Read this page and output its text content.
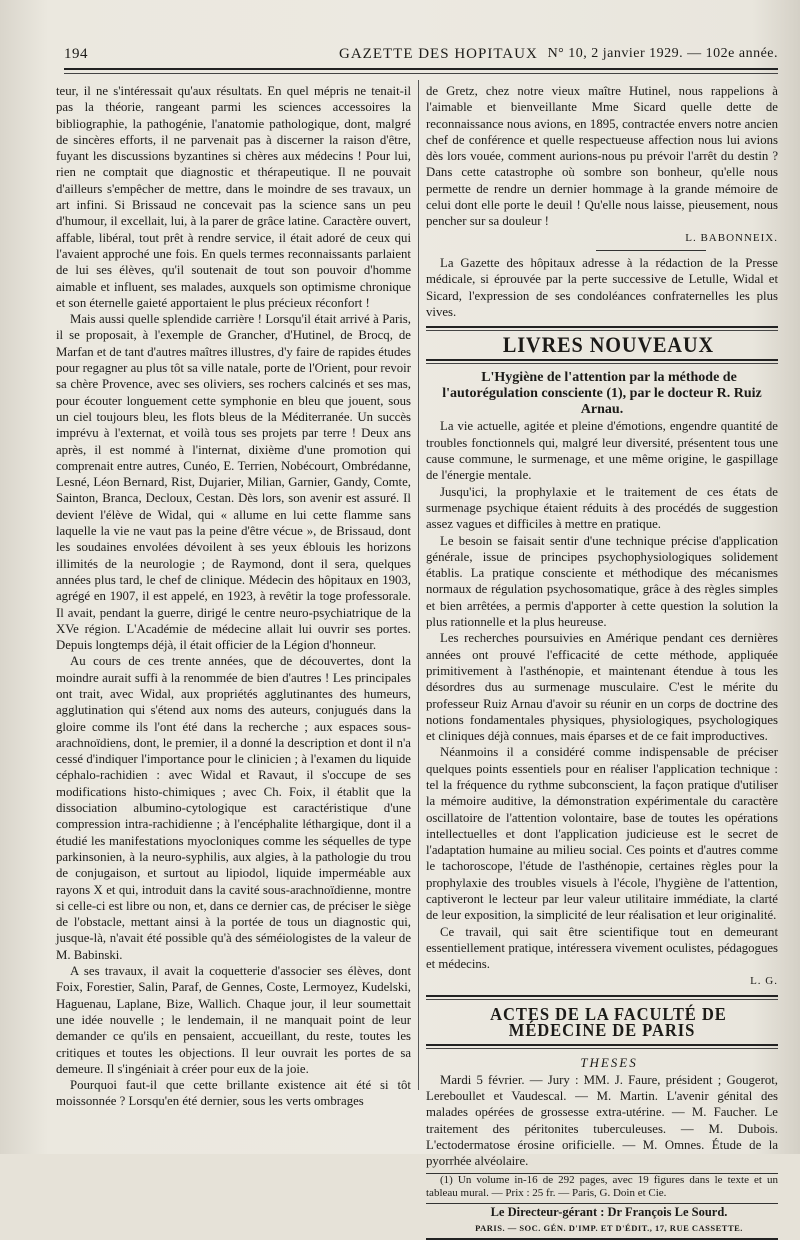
194	GAZETTE DES HOPITAUX N° 10, 2 janvier 1929. — 102e année.

teur, il ne s'intéressait qu'aux résultats. En quel mépris ne tenait-il pas la théorie, rangeant parmi les sciences accessoires la bibliographie, la pathogénie, l'anatomie pathologique, dont, malgré de sincères efforts, il ne parvenait pas à discerner la raison d'être, fuyant les discussions byzantines si chères aux médecins ! Pour lui, rien ne comptait que diagnostic et thérapeutique. Il ne pouvait d'ailleurs s'empêcher de mettre, dans le moindre de ses travaux, un art infini. Si Brissaud ne concevait pas la science sans un peu d'humour, il excellait, lui, à la parer de grâce latine. Caractère ouvert, affable, libéral, tout prêt à rendre service, il était adoré de ceux qui l'avaient approché une fois. En quels termes reconnaissants parlaient de lui ses élèves, qu'il soutenait de tout son pouvoir d'homme aimable et influent, ses malades, auxquels son optimisme chronique et son éternelle gaieté apportaient le plus précieux réconfort !

Mais aussi quelle splendide carrière ! Lorsqu'il était arrivé à Paris, il se proposait, à l'exemple de Grancher, d'Hutinel, de Brocq, de Marfan et de tant d'autres maîtres illustres, d'y faire de rapides études pour regagner au plus tôt sa ville natale, porte de l'Orient, pour revoir sa chère Provence, avec ses oliviers, ses rochers calcinés et ses mas, pour écouter longuement cette symphonie en bleu que jouent, sous un ciel toujours bleu, les flots bleus de la Méditerranée. Un succès imprévu à l'externat, et voilà tous ses projets par terre ! Deux ans après, il est nommé à l'internat, dixième d'une promotion qui comprenait entre autres, Cunéo, E. Terrien, Nobécourt, Ombrédanne, Lesné, Léon Bernard, Rist, Dujarier, Milian, Garnier, Gandy, Comte, Sainton, Branca, Decloux, Cestan. Dès lors, son avenir est assuré. Il devient l'élève de Widal, qui « allume en lui cette flamme sans laquelle la vie ne vaut pas la peine d'être vécue », de Brissaud, dont les soudaines envolées dévoilent à ses yeux éblouis les horizons illimités de la neurologie ; de Raymond, dont il sera, quelques années plus tard, le chef de clinique. Médecin des hôpitaux en 1903, agrégé en 1907, il est appelé, en 1923, à revêtir la toge professorale. Il avait, pendant la guerre, dirigé le centre neuro-psychiatrique de la XVe région. L'Académie de médecine allait lui ouvrir ses portes. Depuis longtemps déjà, il était officier de la Légion d'honneur.

Au cours de ces trente années, que de découvertes, dont la moindre aurait suffi à la renommée de bien d'autres ! Les principales ont trait, avec Widal, aux propriétés agglutinantes des humeurs, agglutination qui s'étend aux noms des auteurs, conjugués dans la gloire comme ils l'ont été dans la recherche ; aux espaces sous-arachnoïdiens, dont, le premier, il a donné la description et dont il n'a cessé d'indiquer l'importance pour le clinicien ; à l'examen du liquide céphalo-rachidien : avec Widal et Ravaut, il s'occupe de ses modifications histo-chimiques ; avec Ch. Foix, il établit que la dissociation albumino-cytologique est caractéristique d'une compression intra-rachidienne ; à l'encéphalite léthargique, dont il a étudié les manifestations myocloniques comme les séquelles de type parkinsonien, à la neuro-syphilis, aux algies, à la pathologie du trou de conjugaison, et surtout au lipiodol, liquide imperméable aux rayons X et qui, introduit dans la cavité sous-arachnoïdienne, montre si celle-ci est libre ou non, et, dans ce dernier cas, de préciser le siège de l'obstacle, mettant ainsi à la portée de tous un diagnostic qui, jusque-là, n'avait été possible qu'à des séméiologistes de la valeur de M. Babinski.

A ses travaux, il avait la coquetterie d'associer ses élèves, dont Foix, Forestier, Salin, Paraf, de Gennes, Coste, Lermoyez, Kudelski, Haguenau, Laplane, Bize, Wallich. Chaque jour, il leur soumettait une idée nouvelle ; le lendemain, il ne manquait point de leur demander ce qu'ils en pensaient, accueillant, du reste, toutes les critiques et toutes les objections. Il leur ouvrait les portes de sa demeure. Il s'ingéniait à créer pour eux de la joie.

Pourquoi faut-il que cette brillante existence ait été si tôt moissonnée ? Lorsqu'en été dernier, sous les verts ombrages

de Gretz, chez notre vieux maître Hutinel, nous rappelions à l'aimable et bienveillante Mme Sicard quelle dette de reconnaissance nous avions, en 1895, contractée envers notre ancien chef de conférence et quelle respectueuse affection nous lui avions dès lors vouée, comment aurions-nous pu prévoir l'arrêt du destin ? Dans cette catastrophe où sombre son bonheur, qu'elle nous permette de rendre un dernier hommage à la grande mémoire de celui dont elle porte le deuil ! Qu'elle nous laisse, pieusement, nous pencher sur sa douleur !

L. BABONNEIX.

La Gazette des hôpitaux adresse à la rédaction de la Presse médicale, si éprouvée par la perte successive de Letulle, Widal et Sicard, l'expression de ses condoléances confraternelles les plus vives.

LIVRES NOUVEAUX

L'Hygiène de l'attention par la méthode de l'autorégulation consciente (1), par le docteur R. Ruiz Arnau.

La vie actuelle, agitée et pleine d'émotions, engendre quantité de troubles fonctionnels qui, malgré leur diversité, présentent tous une cause commune, le surmenage, et une même origine, le gaspillage de l'énergie mentale.

Jusqu'ici, la prophylaxie et le traitement de ces états de surmenage psychique étaient réduits à des procédés de suggestion assez vagues et difficiles à mettre en pratique.

Le besoin se faisait sentir d'une technique précise d'application générale, issue de principes psychophysiologiques solidement établis. La pratique consciente et méthodique des mécanismes normaux de régulation psychosomatique, grâce à des règles simples et bien arrêtées, a permis d'apporter à cette question la solution la plus rationnelle et la plus heureuse.

Les recherches poursuivies en Amérique pendant ces dernières années ont prouvé l'efficacité de cette méthode, appliquée primitivement à l'asthénopie, et maintenant étendue à tous les désordres dus au surmenage musculaire. C'est le mérite du professeur Ruiz Arnau d'avoir su réunir en un corps de doctrine des notions fondamentales physiques, physiologiques, psychologiques et cliniques déjà connues, mais éparses et de ce fait improductives.

Néanmoins il a considéré comme indispensable de préciser quelques points essentiels pour en réaliser l'application technique : tel la fréquence du rythme subconscient, la façon pratique d'utiliser la mémoire auditive, la démonstration expérimentale du caractère oscillatoire de l'attention volontaire, base de toutes les opérations intellectuelles et dont l'application judicieuse est le secret de l'adaptation humaine au milieu social. Ces points et d'autres comme le tachoroscope, l'étude de l'asthénopie, certaines règles pour la prophylaxie des troubles visuels à l'école, l'hygiène de l'attention, captiveront le lecteur par leur valeur utilitaire immédiate, la clarté de leur exposition, la simplicité de leur réalisation et leur originalité.

Ce travail, qui sait être scientifique tout en demeurant essentiellement pratique, intéressera vivement oculistes, pédagogues et médecins.

L. G.

ACTES DE LA FACULTÉ DE MÉDECINE DE PARIS

THESES

Mardi 5 février. — Jury : MM. J. Faure, président ; Gougerot, Lereboullet et Vaudescal. — M. Martin. L'avenir génital des malades opérées de grossesse extra-utérine. — M. Faucher. Le traitement des péritonites tuberculeuses. — M. Dubois. L'ectodermatose érosine orificielle. — M. Omnes. Étude de la pyorrhée alvéolaire.

(1) Un volume in-16 de 292 pages, avec 19 figures dans le texte et un tableau mural. — Prix : 25 fr. — Paris, G. Doin et Cie.

Le Directeur-gérant : Dr François Le Sourd.

PARIS. — SOC. GÉN. D'IMP. ET D'ÉDIT., 17, RUE CASSETTE.
